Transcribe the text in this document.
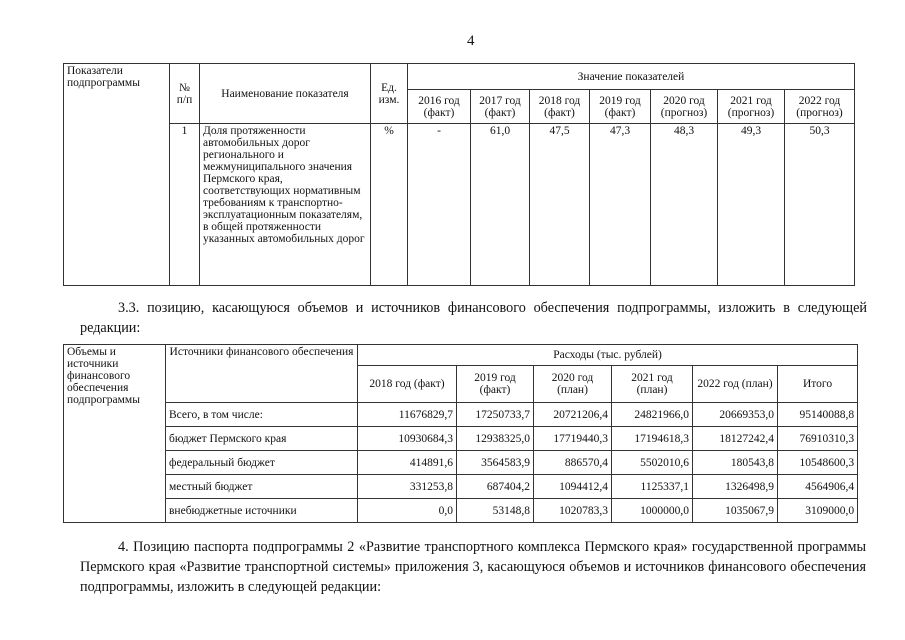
4
Показатели подпрограммы	№ п/п	Наименование показателя	Ед. изм.	Значение показателей						
				2016 год (факт)	2017 год (факт)	2018 год (факт)	2019 год (факт)	2020 год (прогноз)	2021 год (прогноз)	2022 год (прогноз)
	1	Доля протяженности автомобильных дорог регионального и межмуниципального значения Пермского края, соответствующих нормативным требованиям к транспортно-эксплуатационным показателям, в общей протяженности указанных автомобильных дорог	%	-	61,0	47,5	47,3	48,3	49,3	50,3
3.3. позицию, касающуюся объемов и источников финансового обеспечения подпрограммы, изложить в следующей редакции:
Объемы и источники финансового обеспечения подпрограммы	Источники финансового обеспечения	Расходы (тыс. рублей)					
		2018 год (факт)	2019 год (факт)	2020 год (план)	2021 год (план)	2022 год (план)	Итого
	Всего, в том числе:	11676829,7	17250733,7	20721206,4	24821966,0	20669353,0	95140088,8
	бюджет Пермского края	10930684,3	12938325,0	17719440,3	17194618,3	18127242,4	76910310,3
	федеральный бюджет	414891,6	3564583,9	886570,4	5502010,6	180543,8	10548600,3
	местный бюджет	331253,8	687404,2	1094412,4	1125337,1	1326498,9	4564906,4
	внебюджетные источники	0,0	53148,8	1020783,3	1000000,0	1035067,9	3109000,0
4. Позицию паспорта подпрограммы 2 «Развитие транспортного комплекса Пермского края» государственной программы Пермского края «Развитие транспортной системы» приложения 3, касающуюся объемов и источников финансового обеспечения подпрограммы, изложить в следующей редакции:
